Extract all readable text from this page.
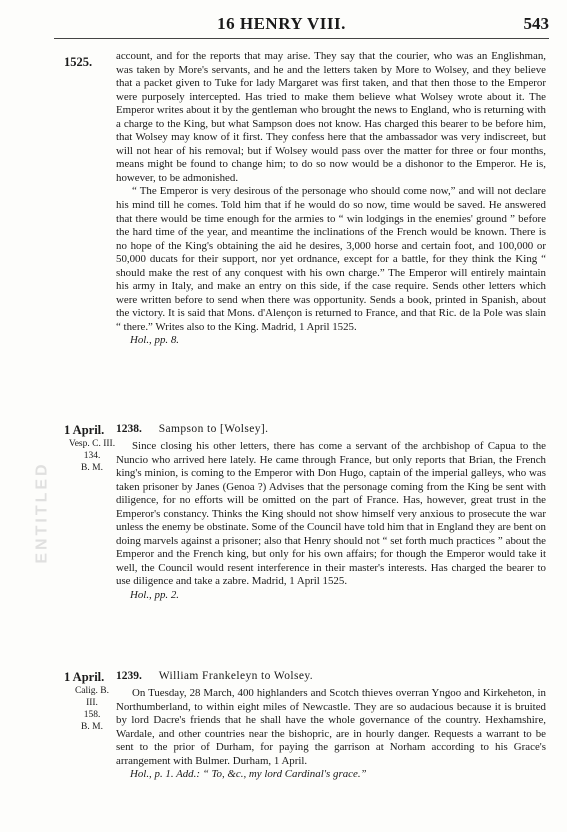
16 HENRY VIII.	543
ENTITLED
1525. account, and for the reports that may arise. They say that the courier, who was an Englishman, was taken by More's servants, and he and the letters taken by More to Wolsey, and they believe that a packet given to Tuke for lady Margaret was first taken, and that then those to the Emperor were purposely intercepted. Has tried to make them believe what Wolsey wrote about it. The Emperor writes about it by the gentleman who brought the news to England, who is returning with a charge to the King, but what Sampson does not know. Has charged this bearer to be before him, that Wolsey may know of it first. They confess here that the ambassador was very indiscreet, but will not hear of his removal; but if Wolsey would pass over the matter for three or four months, means might be found to change him; to do so now would be a dishonor to the Emperor. He is, however, to be admonished.

“ The Emperor is very desirous of the personage who should come now,” and will not declare his mind till he comes. Told him that if he would do so now, time would be saved. He answered that there would be time enough for the armies to “ win lodgings in the enemies' ground ” before the hard time of the year, and meantime the inclinations of the French would be known. There is no hope of the King's obtaining the aid he desires, 3,000 horse and certain foot, and 100,000 or 50,000 ducats for their support, nor yet ordnance, except for a battle, for they think the King “ should make the rest of any conquest with his own charge.” The Emperor will entirely maintain his army in Italy, and make an entry on this side, if the case require. Sends other letters which were written before to send when there was opportunity. Sends a book, printed in Spanish, about the victory. It is said that Mons. d'Alençon is returned to France, and that Ric. de la Pole was slain “ there.” Writes also to the King. Madrid, 1 April 1525.

Hol., pp. 8.

1 April.
Vesp. C. III.
134.
B. M.
1238. Sampson to [Wolsey].

Since closing his other letters, there has come a servant of the archbishop of Capua to the Nuncio who arrived here lately. He came through France, but only reports that Brian, the French king's minion, is coming to the Emperor with Don Hugo, captain of the imperial galleys, who was taken prisoner by Janes (Genoa ?) Advises that the personage coming from the King be sent with diligence, for no efforts will be omitted on the part of France. Has, however, great trust in the Emperor's constancy. Thinks the King should not show himself very anxious to prosecute the war unless the enemy be obstinate. Some of the Council have told him that in England they are bent on doing marvels against a prisoner; also that Henry should not “ set forth much practices ” about the Emperor and the French king, but only for his own affairs; for though the Emperor would take it well, the Council would resent interference in their master's interests. Has charged the bearer to use diligence and take a zabre. Madrid, 1 April 1525.

Hol., pp. 2.

1 April.
Calig. B. III.
158.
B. M.
1239. William Frankeleyn to Wolsey.

On Tuesday, 28 March, 400 highlanders and Scotch thieves overran Yngoo and Kirkeheton, in Northumberland, to within eight miles of Newcastle. They are so audacious because it is bruited by lord Dacre's friends that he shall have the whole governance of the country. Hexhamshire, Wardale, and other countries near the bishopric, are in hourly danger. Requests a warrant to be sent to the prior of Durham, for paying the garrison at Norham according to his Grace's arrangement with Bulmer. Durham, 1 April.

Hol., p. 1. Add.: “ To, &c., my lord Cardinal's grace.”
